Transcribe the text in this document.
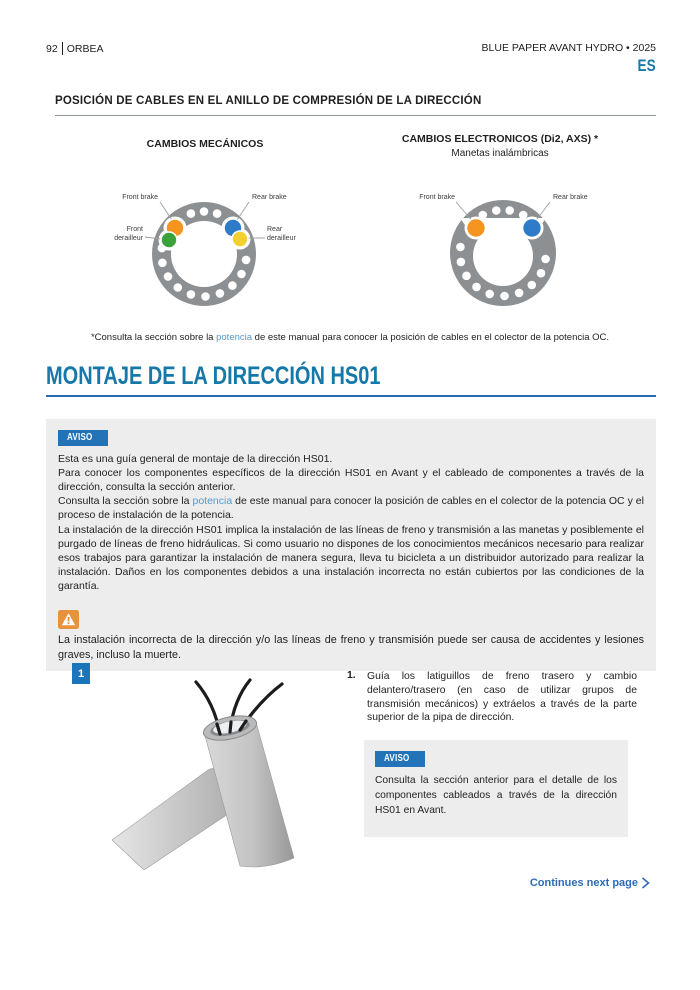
92 ORBEA	BLUE PAPER AVANT HYDRO • 2025
ES
POSICIÓN DE CABLES EN EL ANILLO DE COMPRESIÓN DE LA DIRECCIÓN
CAMBIOS MECÁNICOS
Front brake	Rear brake
Front derailleur
Rear derailleur
CAMBIOS ELECTRONICOS (Di2, AXS) *
Manetas inalámbricas
Front brake	Rear brake
*Consulta la sección sobre la potencia de este manual para conocer la posición de cables en el colector de la potencia OC.
MONTAJE DE LA DIRECCIÓN HS01
AVISO

Esta es una guía general de montaje de la dirección HS01.

Para conocer los componentes específicos de la dirección HS01 en Avant y el cableado de componentes a través de la dirección, consulta la sección anterior.

Consulta la sección sobre la potencia de este manual para conocer la posición de cables en el colector de la potencia OC y el proceso de instalación de la potencia.

La instalación de la dirección HS01 implica la instalación de las líneas de freno y transmisión a las manetas y posiblemente el purgado de líneas de freno hidráulicas. Si como usuario no dispones de los conocimientos mecánicos necesario para realizar esos trabajos para garantizar la instalación de manera segura, lleva tu bicicleta a un distribuidor autorizado para realizar la instalación. Daños en los componentes debidos a una instalación incorrecta no están cubiertos por las condiciones de la garantía.

La instalación incorrecta de la dirección y/o las líneas de freno y transmisión puede ser causa de accidentes y lesiones graves, incluso la muerte.

1	1. Guía los latiguillos de freno trasero y cambio delantero/trasero (en caso de utilizar grupos de transmisión mecánicos) y extráelos a través de la parte superior de la pipa de dirección.

AVISO

Consulta la sección anterior para el detalle de los componentes cableados a través de la dirección HS01 en Avant.

Continues next page
